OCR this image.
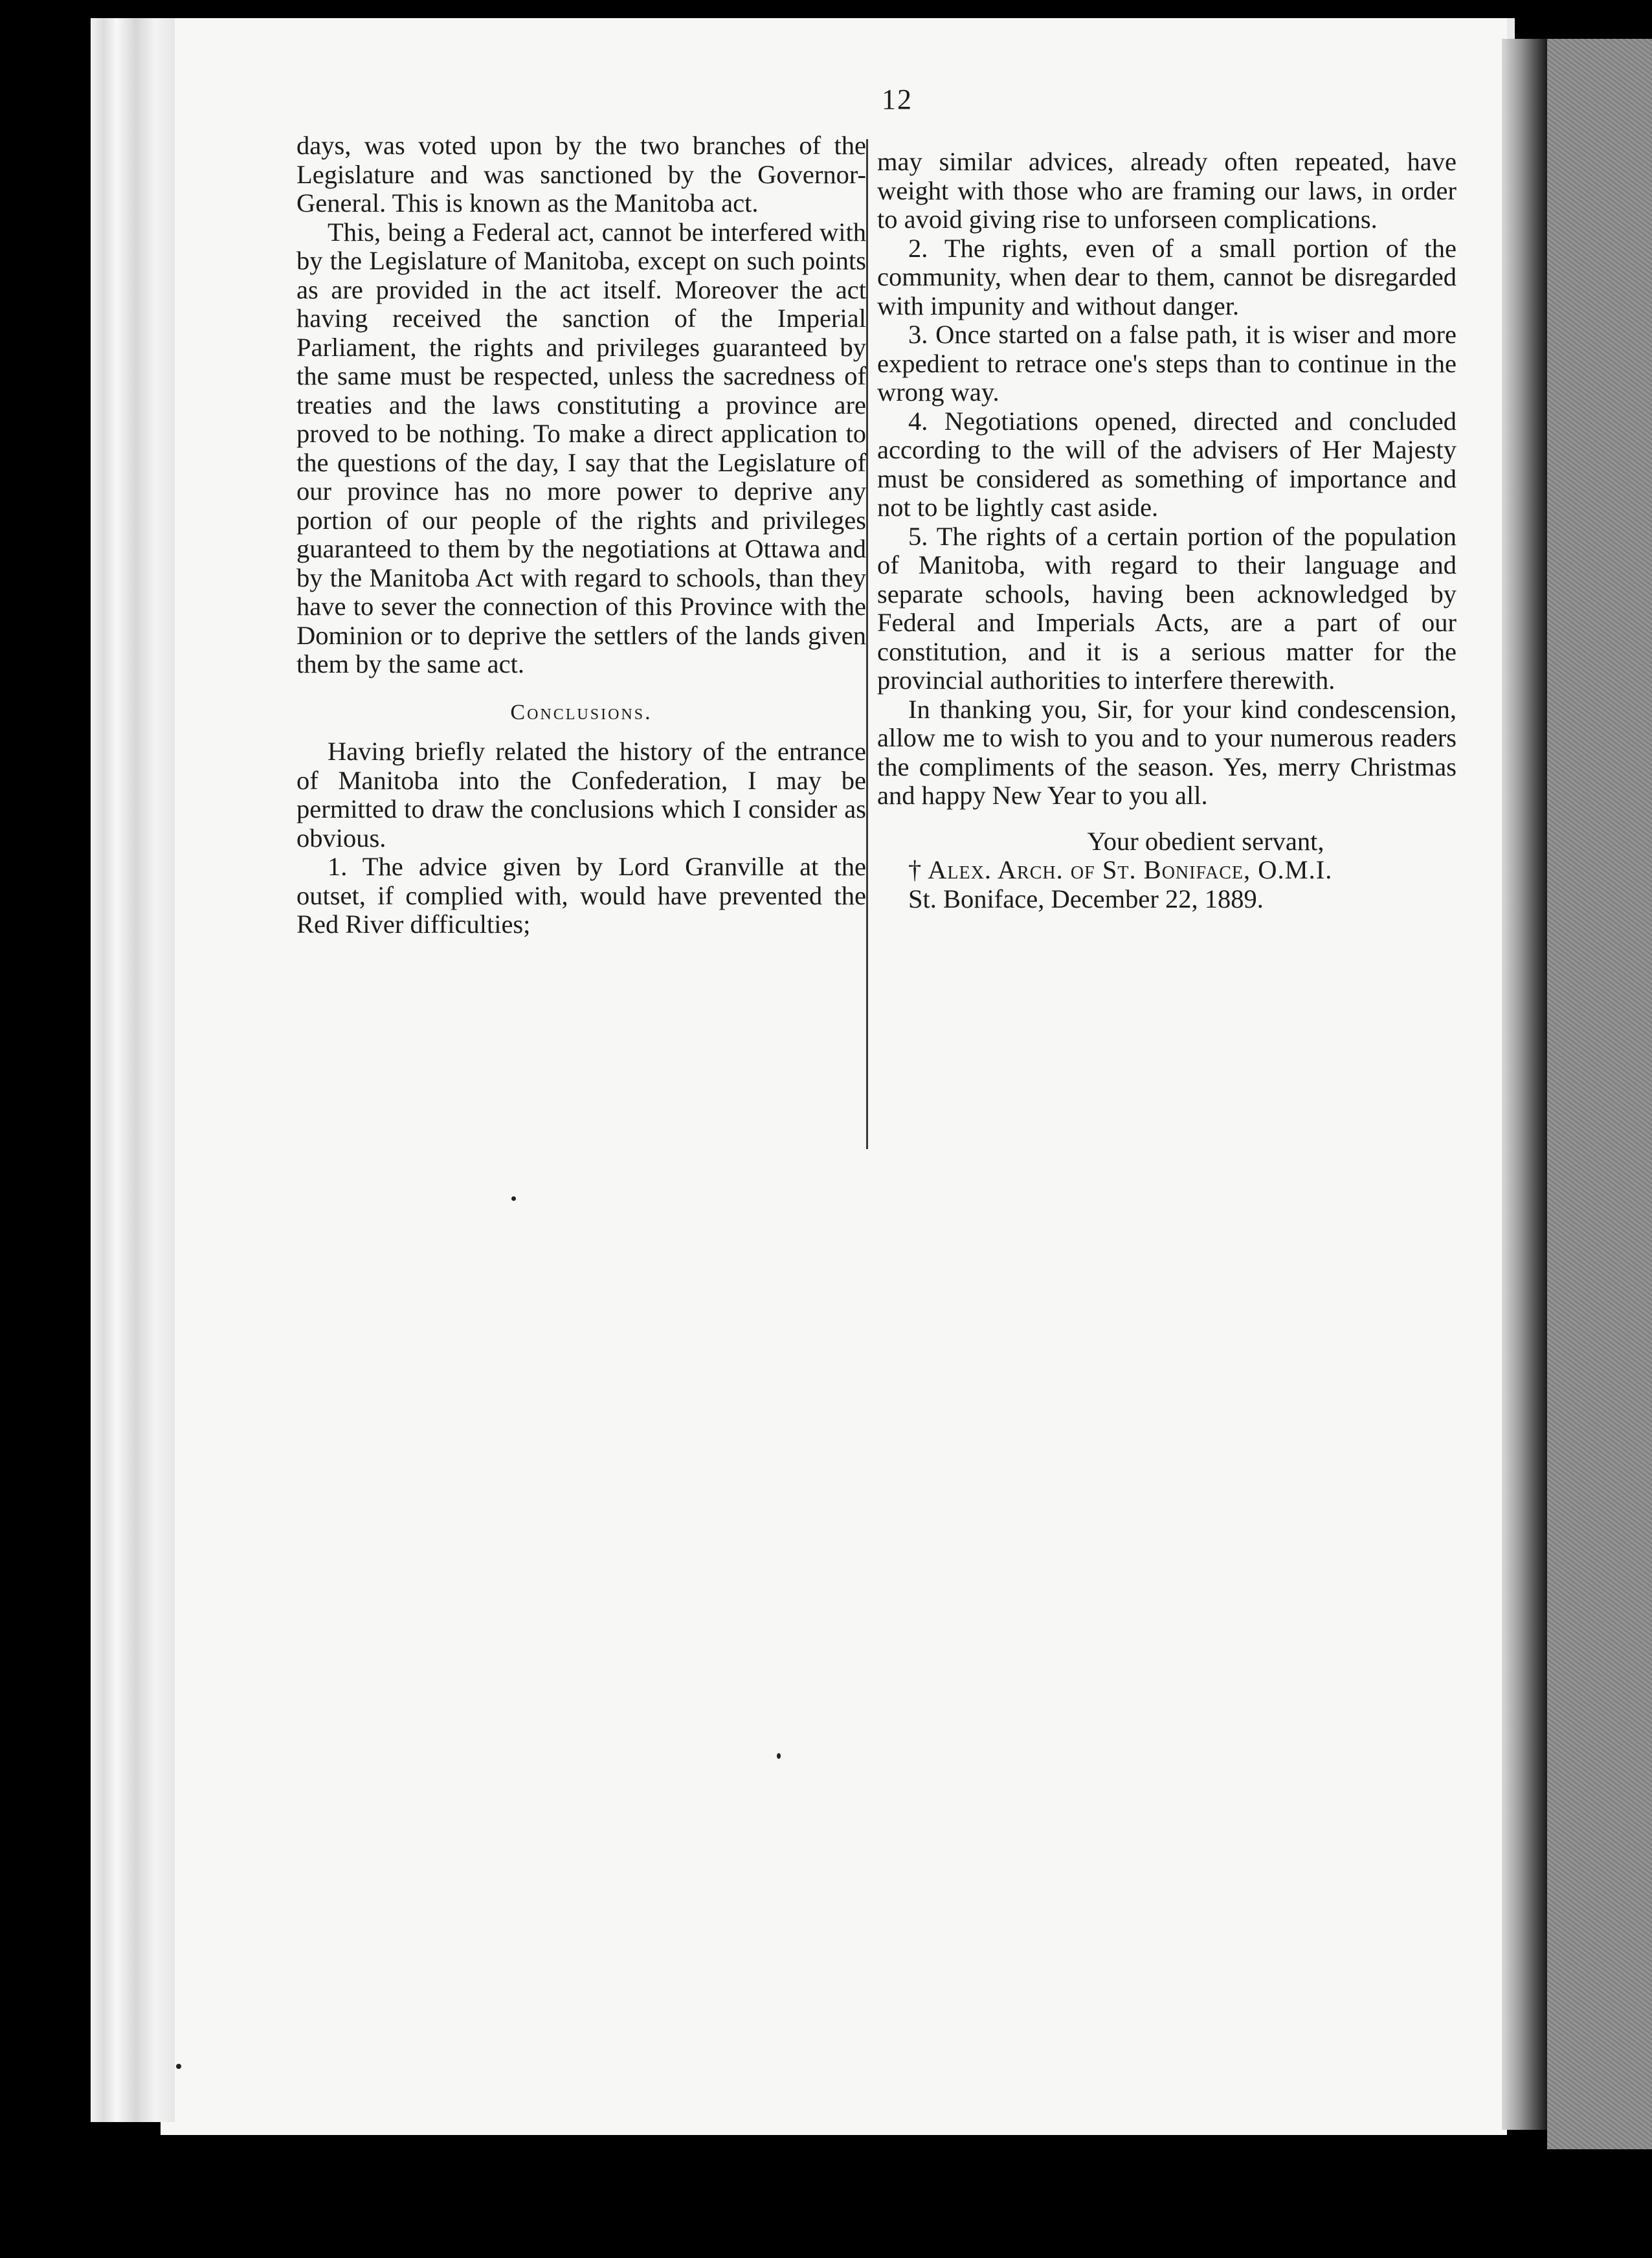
12

days, was voted upon by the two branches of the Legislature and was sanctioned by the Governor-General. This is known as the Manitoba act.

This, being a Federal act, cannot be interfered with by the Legislature of Manitoba, except on such points as are provided in the act itself. Moreover the act having received the sanction of the Imperial Parliament, the rights and privileges guaranteed by the same must be respected, unless the sacredness of treaties and the laws constituting a province are proved to be nothing. To make a direct application to the questions of the day, I say that the Legislature of our province has no more power to deprive any portion of our people of the rights and privileges guaranteed to them by the negotiations at Ottawa and by the Manitoba Act with regard to schools, than they have to sever the connection of this Province with the Dominion or to deprive the settlers of the lands given them by the same act.

Conclusions.

Having briefly related the history of the entrance of Manitoba into the Confederation, I may be permitted to draw the conclusions which I consider as obvious.

1. The advice given by Lord Granville at the outset, if complied with, would have prevented the Red River difficulties;

may similar advices, already often repeated, have weight with those who are framing our laws, in order to avoid giving rise to unforseen complications.

2. The rights, even of a small portion of the community, when dear to them, cannot be disregarded with impunity and without danger.

3. Once started on a false path, it is wiser and more expedient to retrace one's steps than to continue in the wrong way.

4. Negotiations opened, directed and concluded according to the will of the advisers of Her Majesty must be considered as something of importance and not to be lightly cast aside.

5. The rights of a certain portion of the population of Manitoba, with regard to their language and separate schools, having been acknowledged by Federal and Imperials Acts, are a part of our constitution, and it is a serious matter for the provincial authorities to interfere therewith.

In thanking you, Sir, for your kind condescension, allow me to wish to you and to your numerous readers the compliments of the season. Yes, merry Christmas and happy New Year to you all.

Your obedient servant,

† Alex. Arch. of St. Boniface, O.M.I.

St. Boniface, December 22, 1889.
